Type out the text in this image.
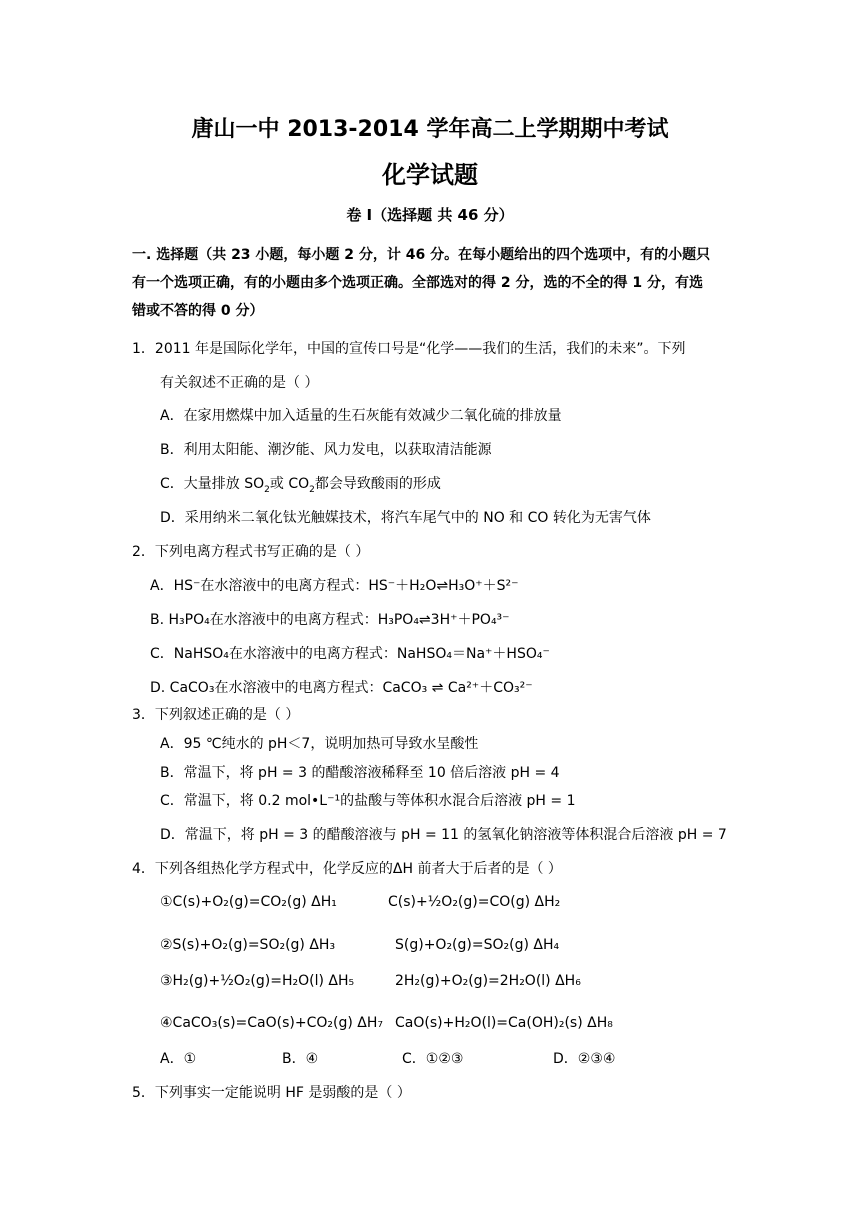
唐山一中 2013-2014 学年高二上学期期中考试
化学试题
卷 I（选择题 共 46 分）
一. 选择题（共 23 小题，每小题 2 分，计 46 分。在每小题给出的四个选项中，有的小题只
有一个选项正确，有的小题由多个选项正确。全部选对的得 2 分，选的不全的得 1 分，有选
错或不答的得 0 分）
1．2011 年是国际化学年，中国的宣传口号是“化学——我们的生活，我们的未来”。下列
有关叙述不正确的是（ ）
A．在家用燃煤中加入适量的生石灰能有效减少二氧化硫的排放量
B．利用太阳能、潮汐能、风力发电，以获取清洁能源
C．大量排放 $SO_2$或 $CO_2$都会导致酸雨的形成
D．采用纳米二氧化钛光触媒技术，将汽车尾气中的 NO 和 CO 转化为无害气体
2．下列电离方程式书写正确的是（ ）
A．HS⁻在水溶液中的电离方程式：HS⁻＋H₂O⇌H₃O⁺＋S²⁻
B. H₃PO₄在水溶液中的电离方程式：H₃PO₄⇌3H⁺＋PO₄³⁻
C．NaHSO₄在水溶液中的电离方程式：NaHSO₄＝Na⁺＋HSO₄⁻
D. CaCO₃在水溶液中的电离方程式：CaCO₃ ⇌ Ca²⁺＋CO₃²⁻
3．下列叙述正确的是（ ）
A．95 ℃纯水的 pH＜7，说明加热可导致水呈酸性
B．常温下，将 pH = 3 的醋酸溶液稀释至 10 倍后溶液 pH = 4
C．常温下，将 0.2 mol•L⁻¹的盐酸与等体积水混合后溶液 pH = 1
D．常温下，将 pH = 3 的醋酸溶液与 pH = 11 的氢氧化钠溶液等体积混合后溶液 pH = 7
4．下列各组热化学方程式中，化学反应的ΔH 前者大于后者的是（ ）
①C(s)+O₂(g)=CO₂(g) ΔH₁	C(s)+½O₂(g)=CO(g) ΔH₂
②S(s)+O₂(g)=SO₂(g) ΔH₃	S(g)+O₂(g)=SO₂(g) ΔH₄
③H₂(g)+½O₂(g)=H₂O(l) ΔH₅	2H₂(g)+O₂(g)=2H₂O(l) ΔH₆
④CaCO₃(s)=CaO(s)+CO₂(g) ΔH₇ CaO(s)+H₂O(l)=Ca(OH)₂(s) ΔH₈
A．①	B．④	C．①②③	D．②③④
5．下列事实一定能说明 HF 是弱酸的是（ ）
